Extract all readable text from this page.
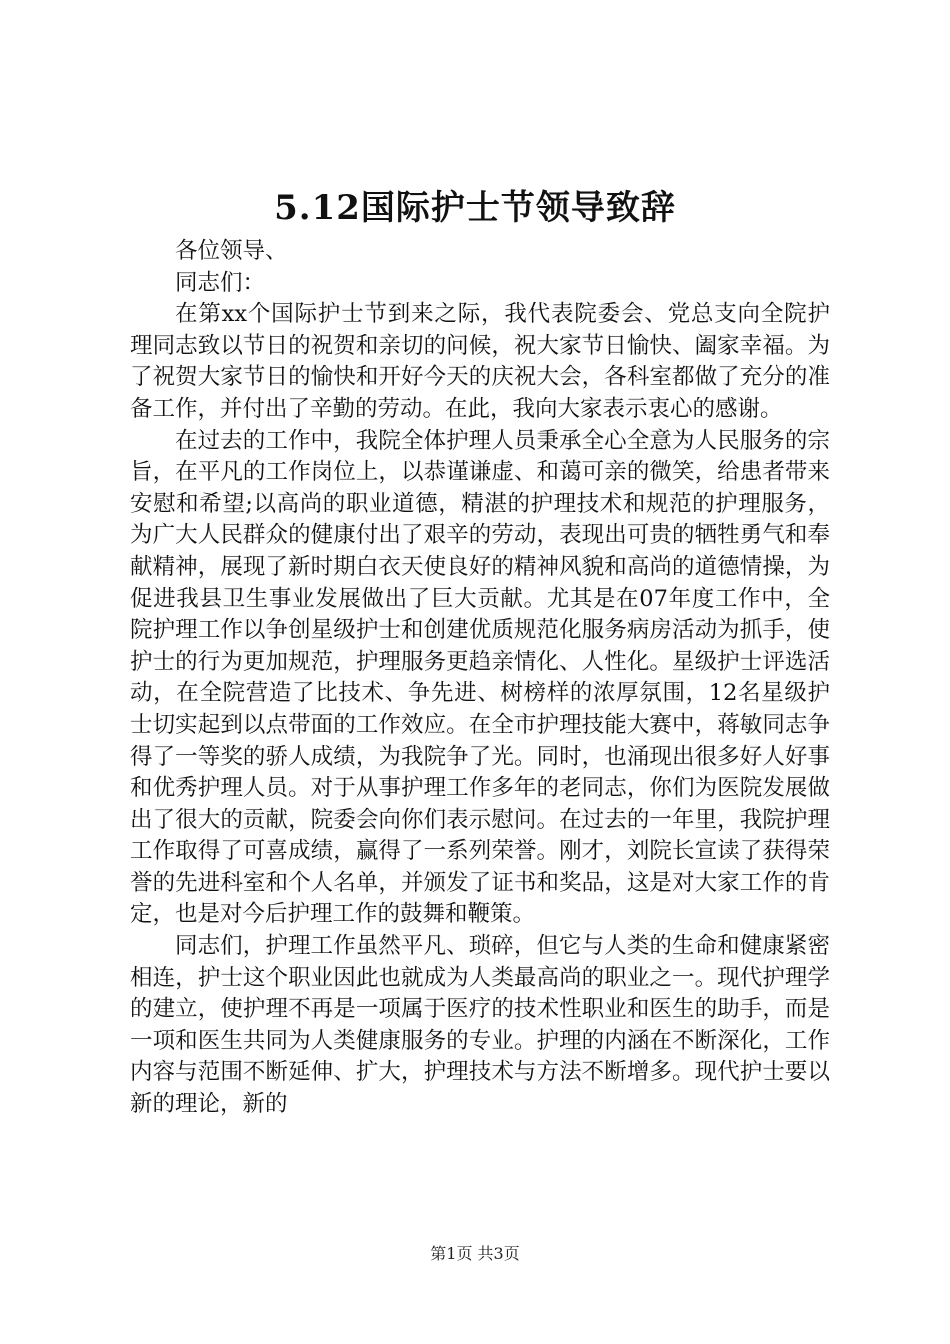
5.12国际护士节领导致辞

各位领导、

同志们：

在第xx个国际护士节到来之际，我代表院委会、党总支向全院护理同志致以节日的祝贺和亲切的问候，祝大家节日愉快、阖家幸福。为了祝贺大家节日的愉快和开好今天的庆祝大会，各科室都做了充分的准备工作，并付出了辛勤的劳动。在此，我向大家表示衷心的感谢。

在过去的工作中，我院全体护理人员秉承全心全意为人民服务的宗旨，在平凡的工作岗位上，以恭谨谦虚、和蔼可亲的微笑，给患者带来安慰和希望;以高尚的职业道德，精湛的护理技术和规范的护理服务，为广大人民群众的健康付出了艰辛的劳动，表现出可贵的牺牲勇气和奉献精神，展现了新时期白衣天使良好的精神风貌和高尚的道德情操，为促进我县卫生事业发展做出了巨大贡献。尤其是在07年度工作中，全院护理工作以争创星级护士和创建优质规范化服务病房活动为抓手，使护士的行为更加规范，护理服务更趋亲情化、人性化。星级护士评选活动，在全院营造了比技术、争先进、树榜样的浓厚氛围，12名星级护士切实起到以点带面的工作效应。在全市护理技能大赛中，蒋敏同志争得了一等奖的骄人成绩，为我院争了光。同时，也涌现出很多好人好事和优秀护理人员。对于从事护理工作多年的老同志，你们为医院发展做出了很大的贡献，院委会向你们表示慰问。在过去的一年里，我院护理工作取得了可喜成绩，赢得了一系列荣誉。刚才，刘院长宣读了获得荣誉的先进科室和个人名单，并颁发了证书和奖品，这是对大家工作的肯定，也是对今后护理工作的鼓舞和鞭策。

同志们，护理工作虽然平凡、琐碎，但它与人类的生命和健康紧密相连，护士这个职业因此也就成为人类最高尚的职业之一。现代护理学的建立，使护理不再是一项属于医疗的技术性职业和医生的助手，而是一项和医生共同为人类健康服务的专业。护理的内涵在不断深化，工作内容与范围不断延伸、扩大，护理技术与方法不断增多。现代护士要以新的理论，新的

第1页 共3页
